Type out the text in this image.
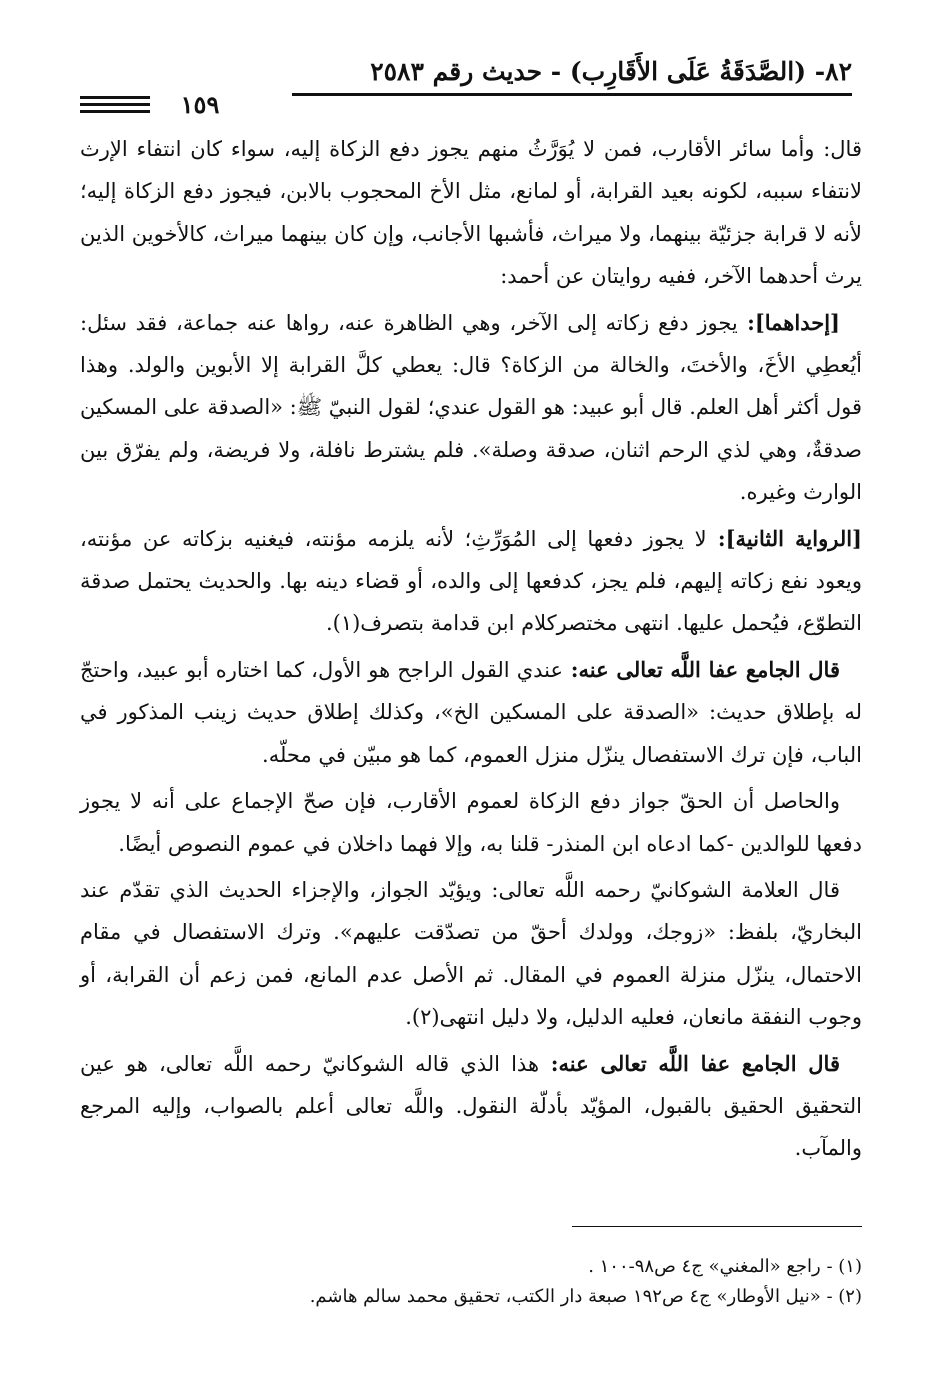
٨٢- (الصَّدَقَةُ عَلَى الأَقَارِب) - حديث رقم ٢٥٨٣
١٥٩

قال: وأما سائر الأقارب، فمن لا يُوَرَّثُ منهم يجوز دفع الزكاة إليه، سواء كان انتفاء الإرث لانتفاء سببه، لكونه بعيد القرابة، أو لمانع، مثل الأخ المحجوب بالابن، فيجوز دفع الزكاة إليه؛ لأنه لا قرابة جزئيّة بينهما، ولا ميراث، فأشبها الأجانب، وإن كان بينهما ميراث، كالأخوين الذين يرث أحدهما الآخر، ففيه روايتان عن أحمد:

[إحداهما]: يجوز دفع زكاته إلى الآخر، وهي الظاهرة عنه، رواها عنه جماعة، فقد سئل: أيُعطِي الأخَ، والأختَ، والخالة من الزكاة؟ قال: يعطي كلَّ القرابة إلا الأبوين والولد. وهذا قول أكثر أهل العلم. قال أبو عبيد: هو القول عندي؛ لقول النبيّ ﷺ: «الصدقة على المسكين صدقةٌ، وهي لذي الرحم اثنان، صدقة وصلة». فلم يشترط نافلة، ولا فريضة، ولم يفرّق بين الوارث وغيره.

[الرواية الثانية]: لا يجوز دفعها إلى المُوَرِّثِ؛ لأنه يلزمه مؤنته، فيغنيه بزكاته عن مؤنته، ويعود نفع زكاته إليهم، فلم يجز، كدفعها إلى والده، أو قضاء دينه بها. والحديث يحتمل صدقة التطوّع، فيُحمل عليها. انتهى مختصركلام ابن قدامة بتصرف(١).

قال الجامع عفا اللَّه تعالى عنه: عندي القول الراجح هو الأول، كما اختاره أبو عبيد، واحتجّ له بإطلاق حديث: «الصدقة على المسكين الخ»، وكذلك إطلاق حديث زينب المذكور في الباب، فإن ترك الاستفصال ينزّل منزل العموم، كما هو مبيّن في محلّه.

والحاصل أن الحقّ جواز دفع الزكاة لعموم الأقارب، فإن صحّ الإجماع على أنه لا يجوز دفعها للوالدين -كما ادعاه ابن المنذر- قلنا به، وإلا فهما داخلان في عموم النصوص أيضًا.

قال العلامة الشوكانيّ رحمه اللَّه تعالى: ويؤيّد الجواز، والإجزاء الحديث الذي تقدّم عند البخاريّ، بلفظ: «زوجك، وولدك أحقّ من تصدّقت عليهم». وترك الاستفصال في مقام الاحتمال، ينزّل منزلة العموم في المقال. ثم الأصل عدم المانع، فمن زعم أن القرابة، أو وجوب النفقة مانعان، فعليه الدليل، ولا دليل انتهى(٢).

قال الجامع عفا اللَّه تعالى عنه: هذا الذي قاله الشوكانيّ رحمه اللَّه تعالى، هو عين التحقيق الحقيق بالقبول، المؤيّد بأدلّة النقول. واللَّه تعالى أعلم بالصواب، وإليه المرجع والمآب.

(١) - راجع «المغني» ج٤ ص٩٨-١٠٠ .
(٢) - «نيل الأوطار» ج٤ ص١٩٢ صبعة دار الكتب، تحقيق محمد سالم هاشم.
